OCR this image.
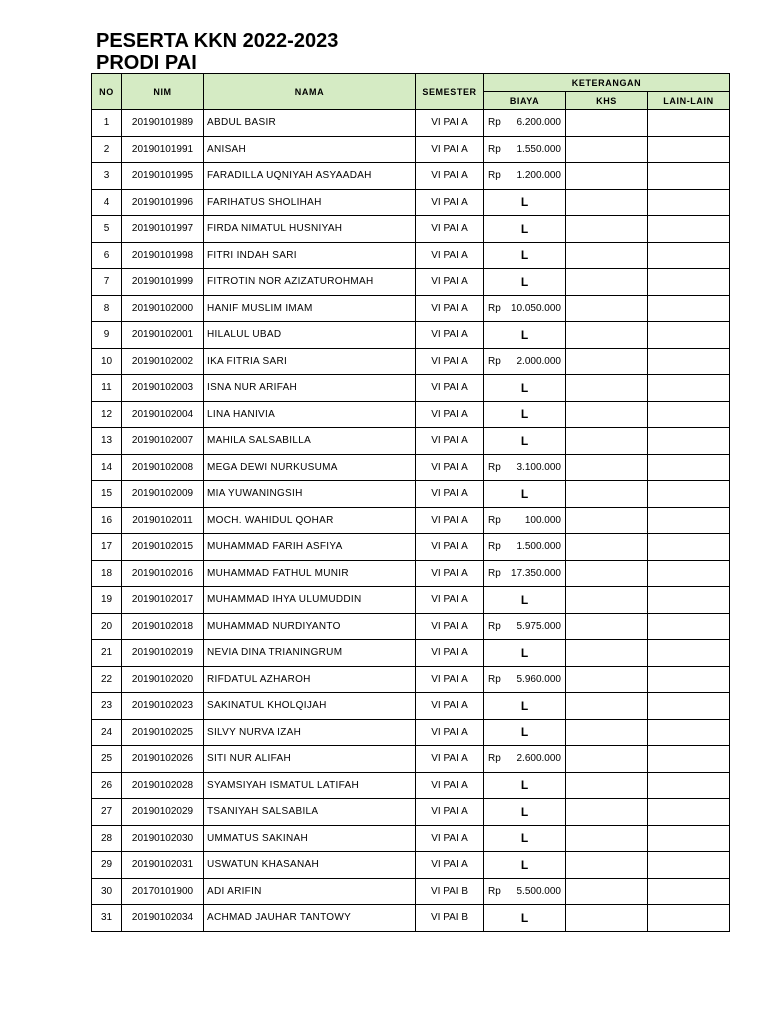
PESERTA KKN 2022-2023
PRODI PAI
NO	NIM	NAMA	SEMESTER	KETERANGAN		
				BIAYA	KHS	LAIN-LAIN
1	20190101989	ABDUL BASIR	VI PAI A	Rp 6.200.000		

2	20190101991	ANISAH	VI PAI A	Rp 1.550.000		

3	20190101995	FARADILLA UQNIYAH ASYAADAH	VI PAI A	Rp 1.200.000		

4	20190101996	FARIHATUS SHOLIHAH	VI PAI A	L		

5	20190101997	FIRDA NIMATUL HUSNIYAH	VI PAI A	L		

6	20190101998	FITRI INDAH SARI	VI PAI A	L		

7	20190101999	FITROTIN NOR AZIZATUROHMAH	VI PAI A	L		

8	20190102000	HANIF MUSLIM IMAM	VI PAI A	Rp 10.050.000		

9	20190102001	HILALUL UBAD	VI PAI A	L		

10	20190102002	IKA FITRIA SARI	VI PAI A	Rp 2.000.000		

11	20190102003	ISNA NUR ARIFAH	VI PAI A	L		

12	20190102004	LINA HANIVIA	VI PAI A	L		

13	20190102007	MAHILA SALSABILLA	VI PAI A	L		

14	20190102008	MEGA DEWI NURKUSUMA	VI PAI A	Rp 3.100.000		

15	20190102009	MIA YUWANINGSIH	VI PAI A	L		

16	20190102011	MOCH. WAHIDUL QOHAR	VI PAI A	Rp 100.000		

17	20190102015	MUHAMMAD FARIH ASFIYA	VI PAI A	Rp 1.500.000		

18	20190102016	MUHAMMAD FATHUL MUNIR	VI PAI A	Rp 17.350.000		

19	20190102017	MUHAMMAD IHYA ULUMUDDIN	VI PAI A	L		

20	20190102018	MUHAMMAD NURDIYANTO	VI PAI A	Rp 5.975.000		

21	20190102019	NEVIA DINA TRIANINGRUM	VI PAI A	L		

22	20190102020	RIFDATUL AZHAROH	VI PAI A	Rp 5.960.000		

23	20190102023	SAKINATUL KHOLQIJAH	VI PAI A	L		

24	20190102025	SILVY NURVA IZAH	VI PAI A	L		

25	20190102026	SITI NUR ALIFAH	VI PAI A	Rp 2.600.000		

26	20190102028	SYAMSIYAH ISMATUL LATIFAH	VI PAI A	L		

27	20190102029	TSANIYAH SALSABILA	VI PAI A	L		

28	20190102030	UMMATUS SAKINAH	VI PAI A	L		

29	20190102031	USWATUN KHASANAH	VI PAI A	L		

30	20170101900	ADI ARIFIN	VI PAI B	Rp 5.500.000		

31	20190102034	ACHMAD JAUHAR TANTOWY	VI PAI B	L		
